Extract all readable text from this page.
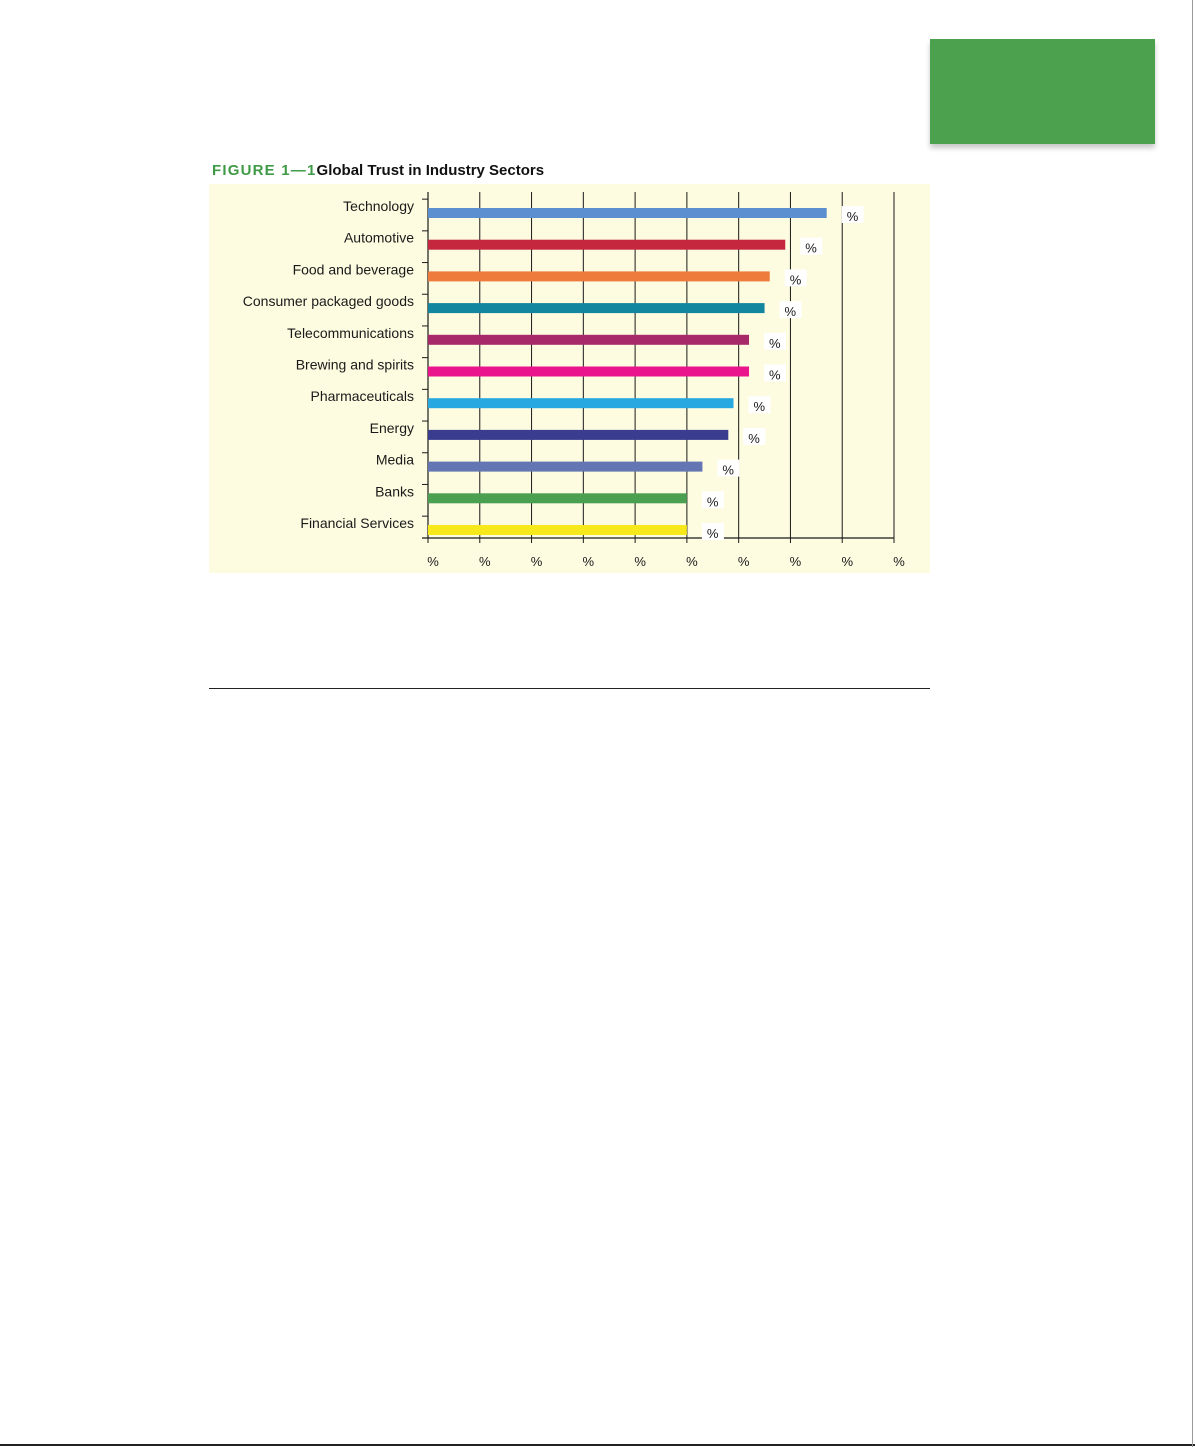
FIGURE 1—1Global Trust in Industry Sectors
%	%	%	%	%	%	%	%	%	%
Technology
%
Automotive
%
Food and beverage
%
Consumer packaged goods
%
Telecommunications
%
Brewing and spirits
%
Pharmaceuticals
%
Energy
%
Media
%
Banks
%
Financial Services
%
